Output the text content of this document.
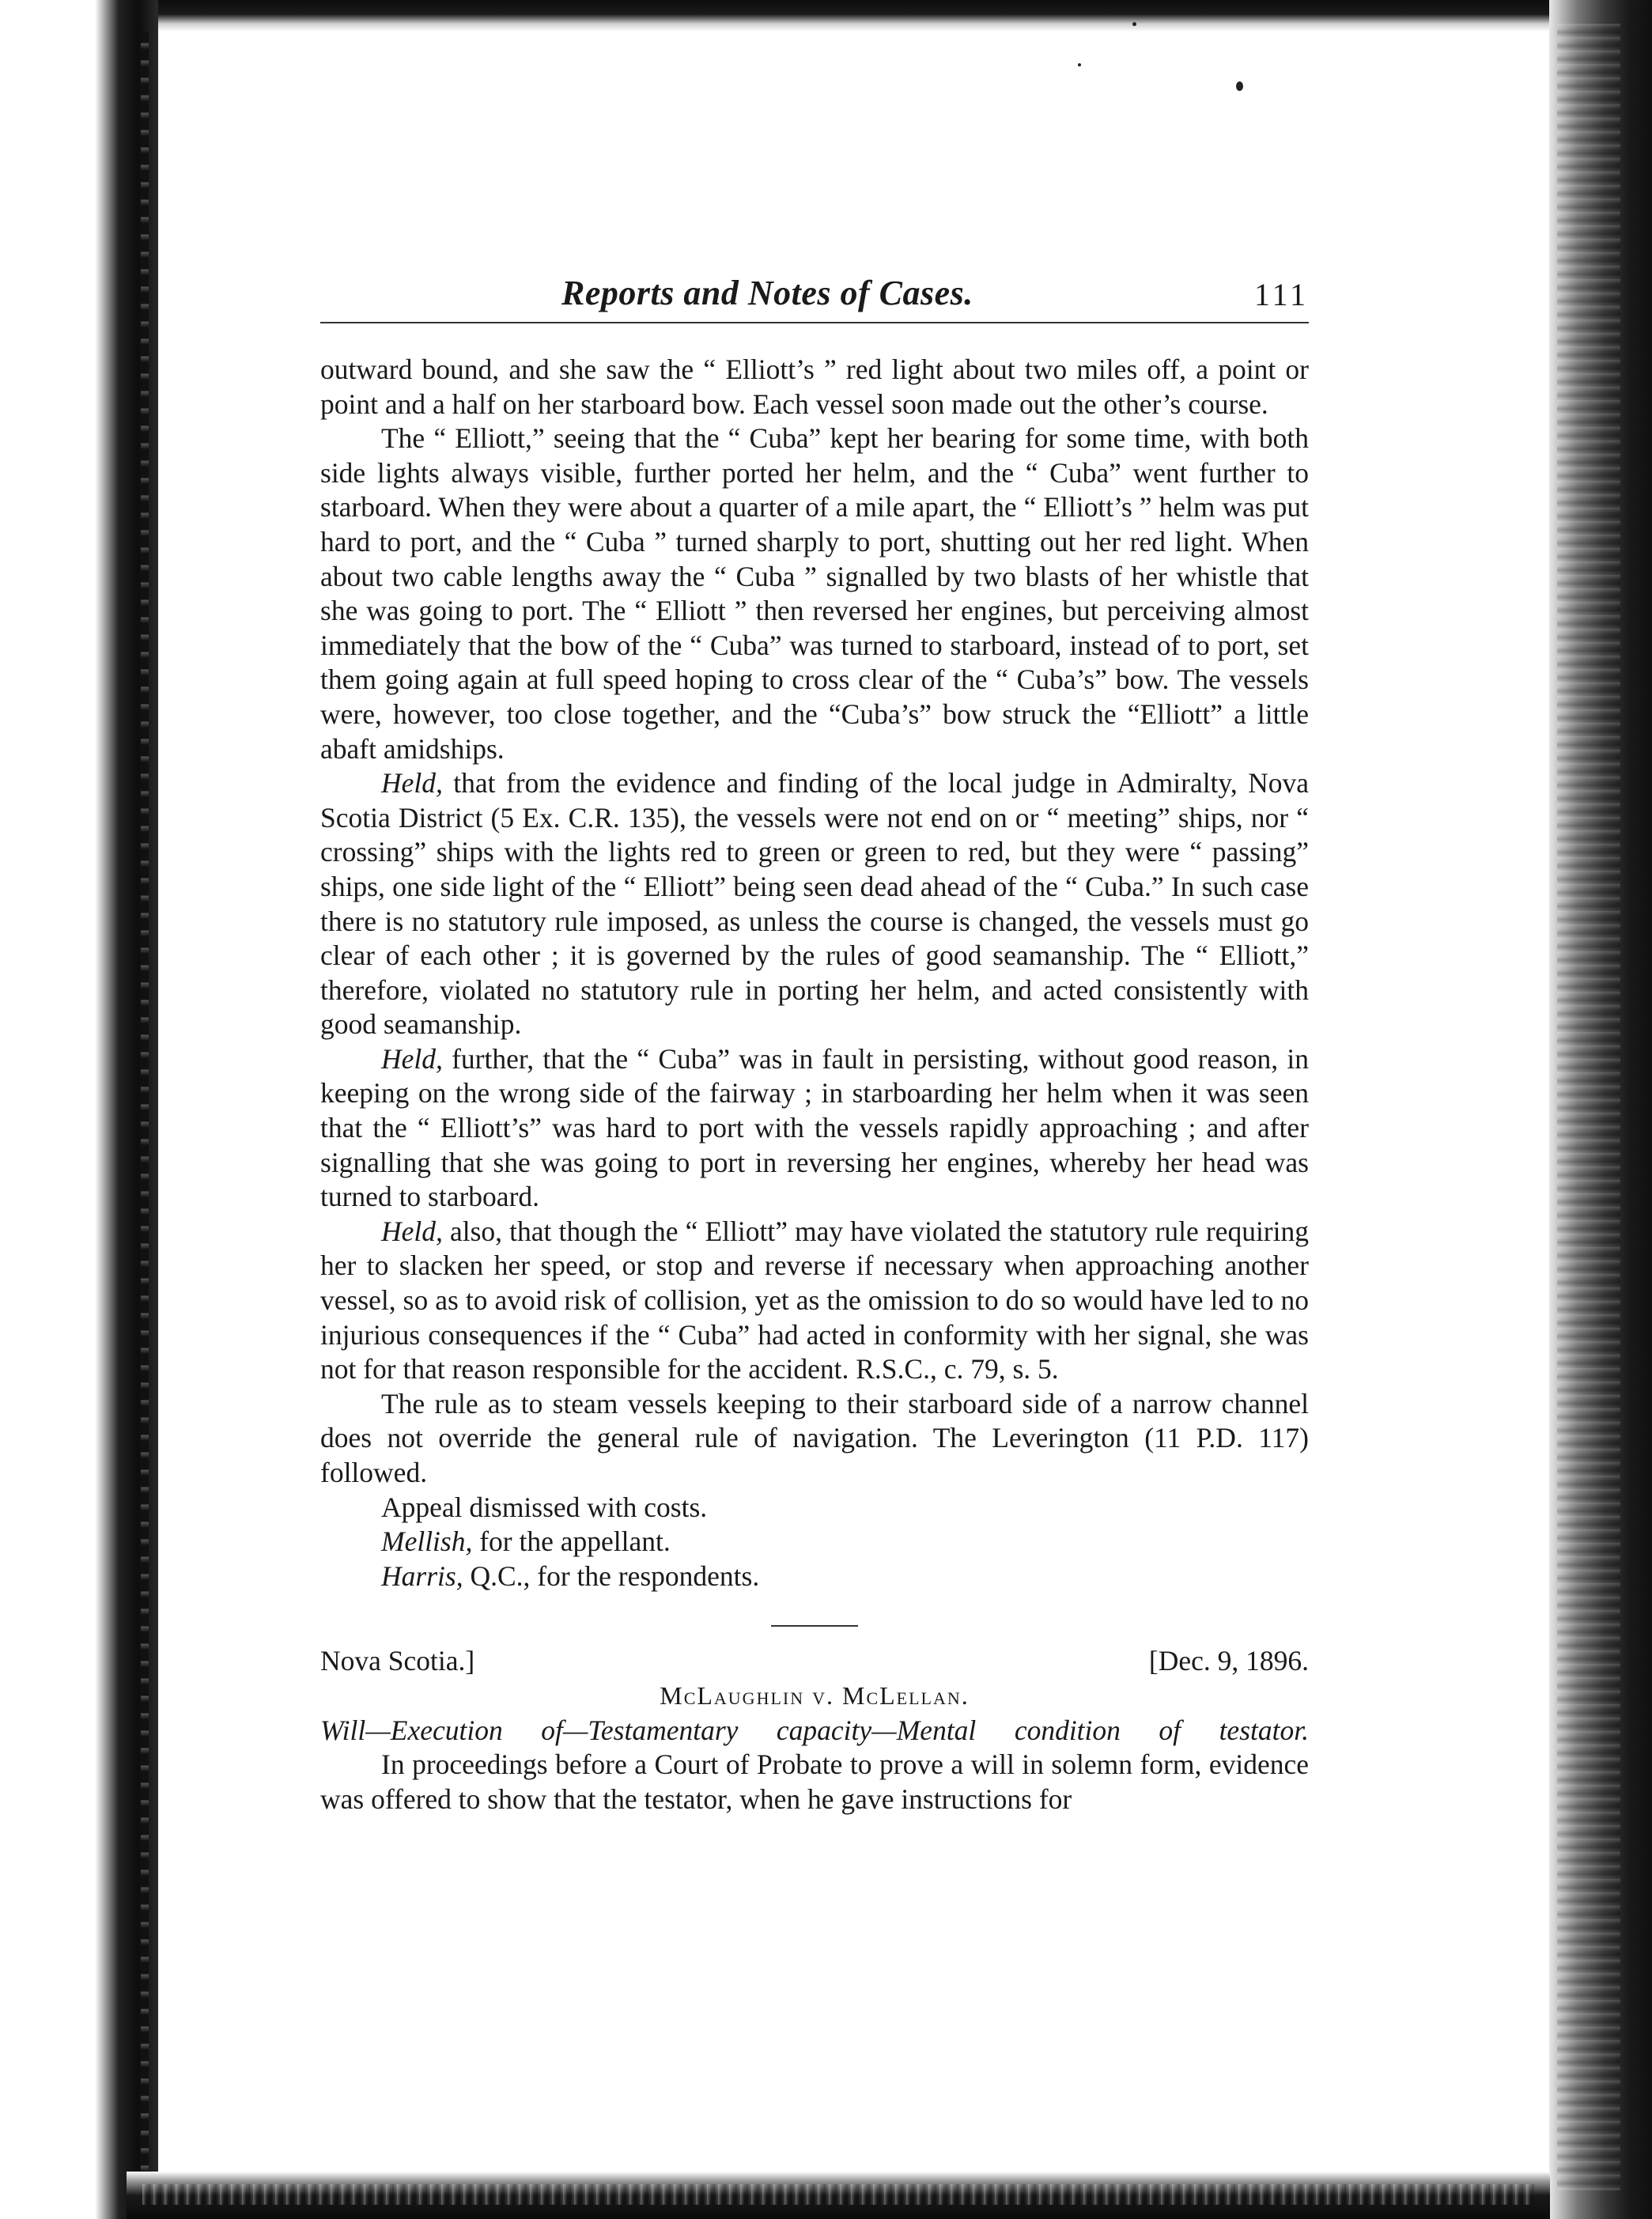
Reports and Notes of Cases.	111

outward bound, and she saw the “ Elliott’s ” red light about two miles off, a point or point and a half on her starboard bow. Each vessel soon made out the other’s course.

The “ Elliott,” seeing that the “ Cuba” kept her bearing for some time, with both side lights always visible, further ported her helm, and the “ Cuba” went further to starboard. When they were about a quarter of a mile apart, the “ Elliott’s ” helm was put hard to port, and the “ Cuba ” turned sharply to port, shutting out her red light. When about two cable lengths away the “ Cuba ” signalled by two blasts of her whistle that she was going to port. The “ Elliott ” then reversed her engines, but perceiving almost immediately that the bow of the “ Cuba” was turned to starboard, instead of to port, set them going again at full speed hoping to cross clear of the “ Cuba’s” bow. The vessels were, however, too close together, and the “Cuba’s” bow struck the “Elliott” a little abaft amidships.

Held, that from the evidence and finding of the local judge in Admiralty, Nova Scotia District (5 Ex. C.R. 135), the vessels were not end on or “ meeting” ships, nor “ crossing” ships with the lights red to green or green to red, but they were “ passing” ships, one side light of the “ Elliott” being seen dead ahead of the “ Cuba.” In such case there is no statutory rule imposed, as unless the course is changed, the vessels must go clear of each other ; it is governed by the rules of good seamanship. The “ Elliott,” therefore, violated no statutory rule in porting her helm, and acted consistently with good seamanship.

Held, further, that the “ Cuba” was in fault in persisting, without good reason, in keeping on the wrong side of the fairway ; in starboarding her helm when it was seen that the “ Elliott’s” was hard to port with the vessels rapidly approaching ; and after signalling that she was going to port in reversing her engines, whereby her head was turned to starboard.

Held, also, that though the “ Elliott” may have violated the statutory rule requiring her to slacken her speed, or stop and reverse if necessary when approaching another vessel, so as to avoid risk of collision, yet as the omission to do so would have led to no injurious consequences if the “ Cuba” had acted in conformity with her signal, she was not for that reason responsible for the accident. R.S.C., c. 79, s. 5.

The rule as to steam vessels keeping to their starboard side of a narrow channel does not override the general rule of navigation. The Leverington (11 P.D. 117) followed.

Appeal dismissed with costs.

Mellish, for the appellant.

Harris, Q.C., for the respondents.

Nova Scotia.]	[Dec. 9, 1896.

McLaughlin v. McLellan.

Will—Execution of—Testamentary capacity—Mental condition of testator.

In proceedings before a Court of Probate to prove a will in solemn form, evidence was offered to show that the testator, when he gave instructions for
